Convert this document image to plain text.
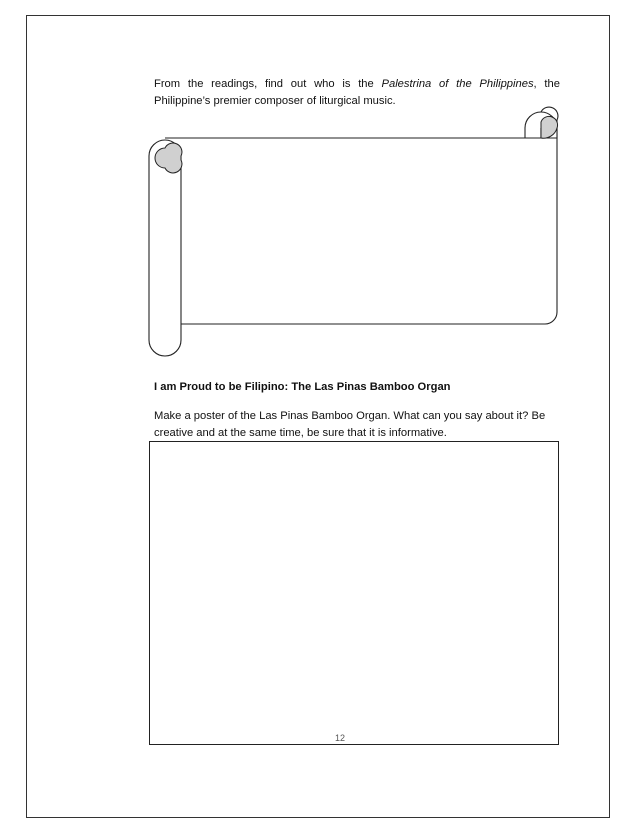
From the readings, find out who is the Palestrina of the Philippines, the Philippine’s premier composer of liturgical music.

I am Proud to be Filipino: The Las Pinas Bamboo Organ

Make a poster of the Las Pinas Bamboo Organ. What can you say about it? Be creative and at the same time, be sure that it is informative.

12
